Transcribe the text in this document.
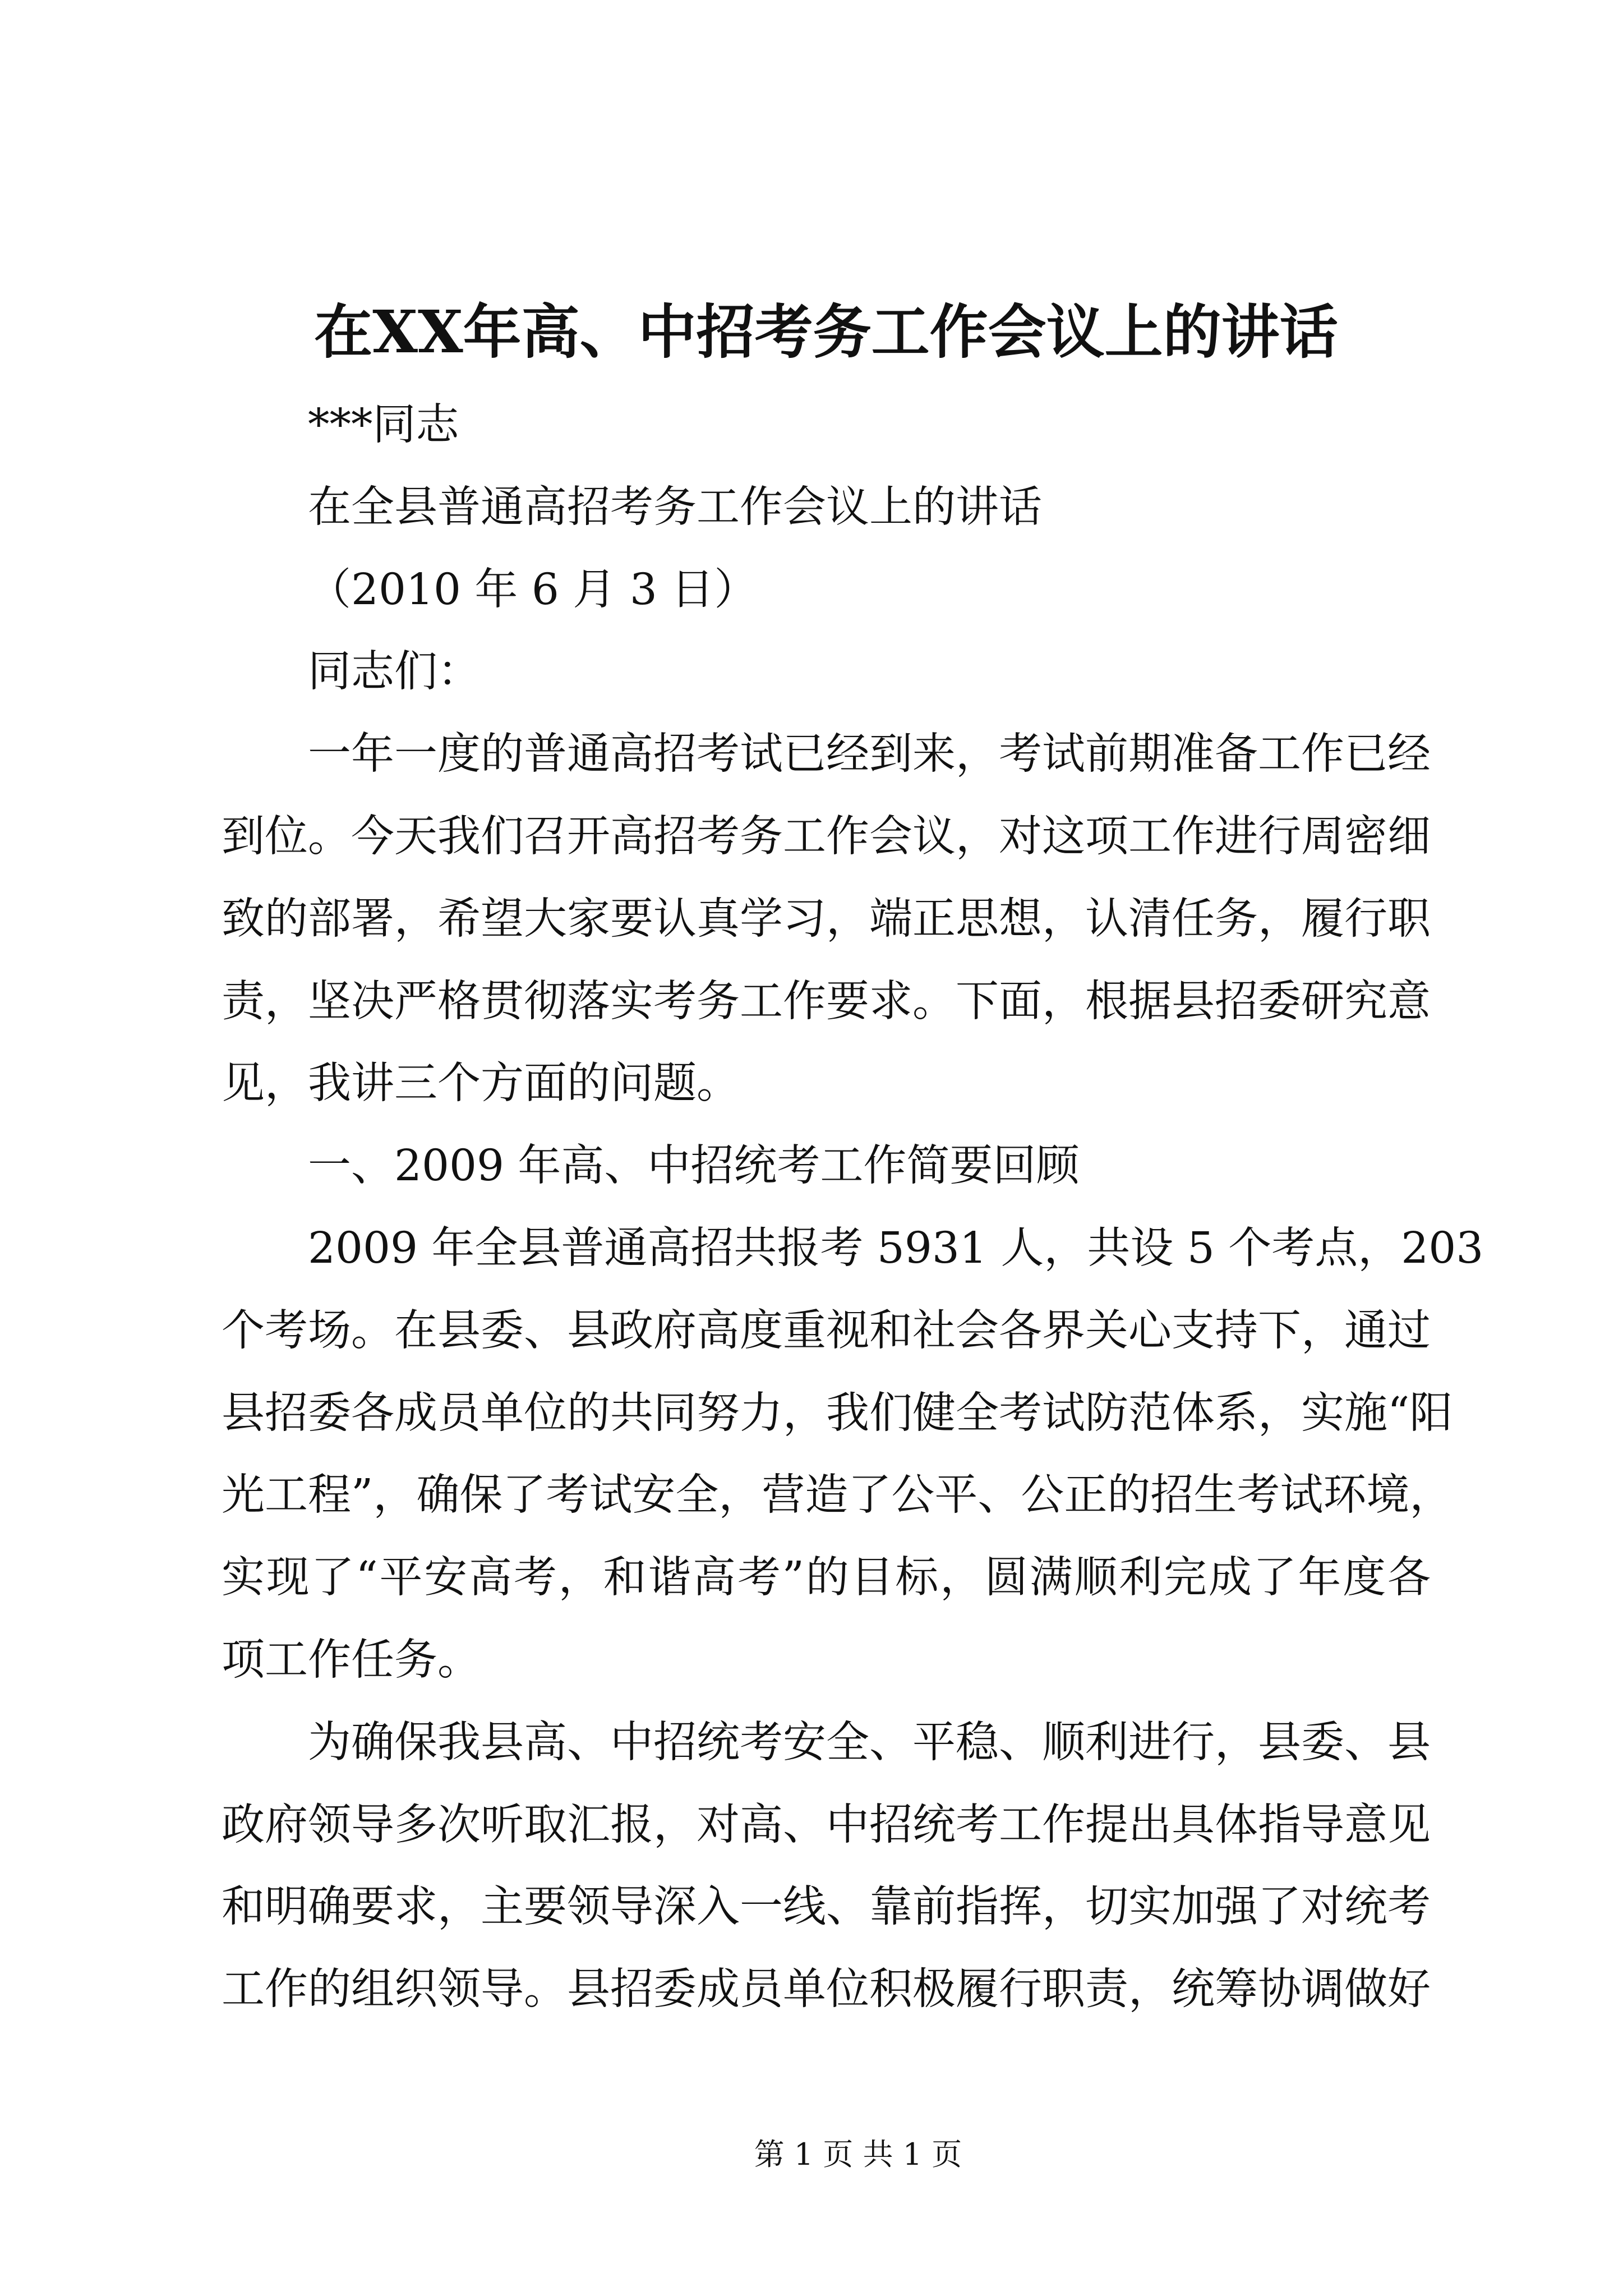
在XX年高、中招考务工作会议上的讲话
***同志
在全县普通高招考务工作会议上的讲话
（2010 年 6 月 3 日）
同志们：
一年一度的普通高招考试已经到来，考试前期准备工作已经
到位。今天我们召开高招考务工作会议，对这项工作进行周密细
致的部署，希望大家要认真学习，端正思想，认清任务，履行职
责，坚决严格贯彻落实考务工作要求。下面，根据县招委研究意
见，我讲三个方面的问题。
一、2009 年高、中招统考工作简要回顾
2009 年全县普通高招共报考 5931 人，共设 5 个考点，203
个考场。在县委、县政府高度重视和社会各界关心支持下，通过
县招委各成员单位的共同努力，我们健全考试防范体系，实施“阳
光工程”，确保了考试安全，营造了公平、公正的招生考试环境，
实现了“平安高考，和谐高考”的目标，圆满顺利完成了年度各
项工作任务。
为确保我县高、中招统考安全、平稳、顺利进行，县委、县
政府领导多次听取汇报，对高、中招统考工作提出具体指导意见
和明确要求，主要领导深入一线、靠前指挥，切实加强了对统考
工作的组织领导。县招委成员单位积极履行职责，统筹协调做好
第 1 页 共 1 页
